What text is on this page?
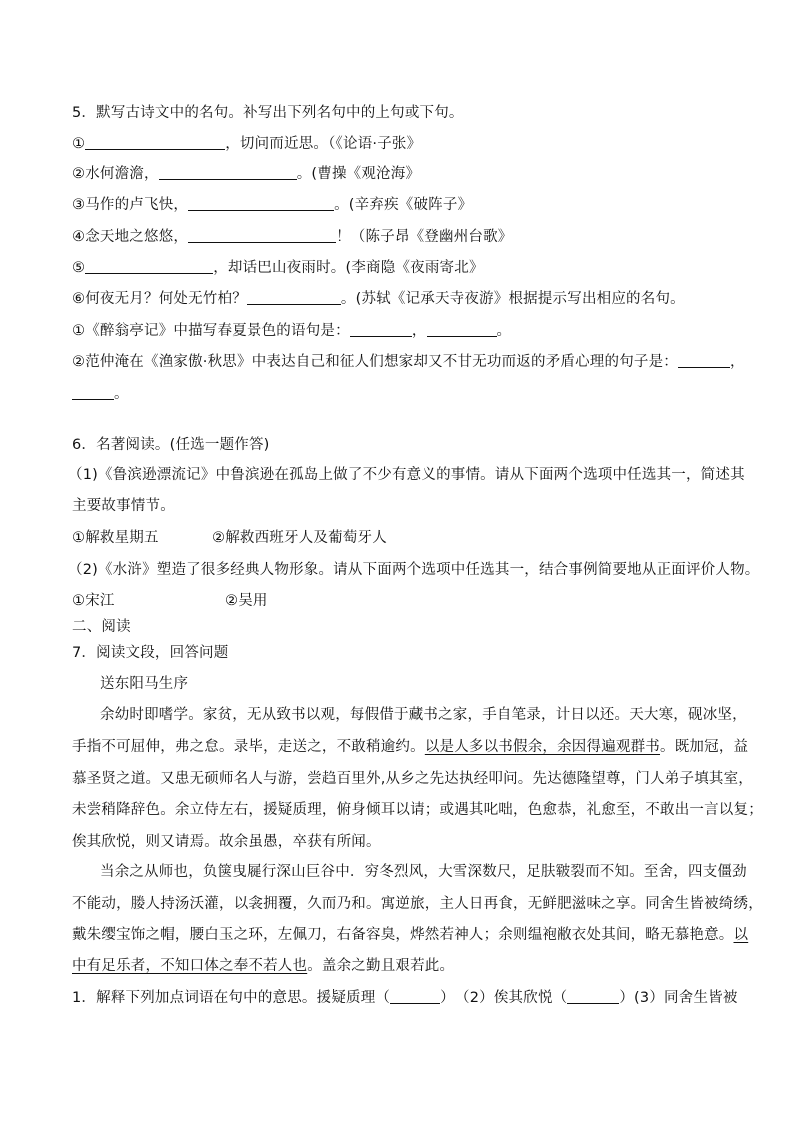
5．默写古诗文中的名句。补写出下列名句中的上句或下句。
①	，切问而近思。（《论语·子张》
②水何澹澹，	。(曹操《观沧海》
③马作的卢飞快，	。(辛弃疾《破阵子》
④念天地之悠悠，	！（陈子昂《登幽州台歌》
⑤	，却话巴山夜雨时。(李商隐《夜雨寄北》
⑥何夜无月？何处无竹柏？	。(苏轼《记承天寺夜游》根据提示写出相应的名句。
①《醉翁亭记》中描写春夏景色的语句是：	，	。
②范仲淹在《渔家傲·秋思》中表达自己和征人们想家却又不甘无功而返的矛盾心理的句子是：	，
。
6．名著阅读。(任选一题作答)
（1)《鲁滨逊漂流记》中鲁滨逊在孤岛上做了不少有意义的事情。请从下面两个选项中任选其一，简述其
主要故事情节。
①解救星期五	②解救西班牙人及葡萄牙人
（2)《水浒》塑造了很多经典人物形象。请从下面两个选项中任选其一，结合事例简要地从正面评价人物。
①宋江	②吴用
二、阅读
7．阅读文段，回答问题
送东阳马生序
余幼时即嗜学。家贫，无从致书以观，每假借于藏书之家，手自笔录，计日以还。天大寒，砚冰坚，
手指不可屈伸，弗之怠。录毕，走送之，不敢稍逾约。以是人多以书假余，余因得遍观群书。既加冠，益
慕圣贤之道。又患无硕师名人与游，尝趋百里外,从乡之先达执经叩问。先达德隆望尊，门人弟子填其室，
未尝稍降辞色。余立侍左右，援疑质理，俯身倾耳以请；或遇其叱咄，色愈恭，礼愈至，不敢出一言以复；
俟其欣悦，则又请焉。故余虽愚，卒获有所闻。
当余之从师也，负箧曳屣行深山巨谷中．穷冬烈风，大雪深数尺，足肤皲裂而不知。至舍，四支僵劲
不能动，媵人持汤沃灌，以衾拥覆，久而乃和。寓逆旅，主人日再食，无鲜肥滋味之享。同舍生皆被绮绣，
戴朱缨宝饰之帽，腰白玉之环，左佩刀，右备容臭，烨然若神人；余则缊袍敝衣处其间，略无慕艳意。以
中有足乐者，不知口体之奉不若人也。盖余之勤且艰若此。
1．解释下列加点词语在句中的意思。援疑质理（	）　（2）俟其欣悦（	）(3）同舍生皆被
